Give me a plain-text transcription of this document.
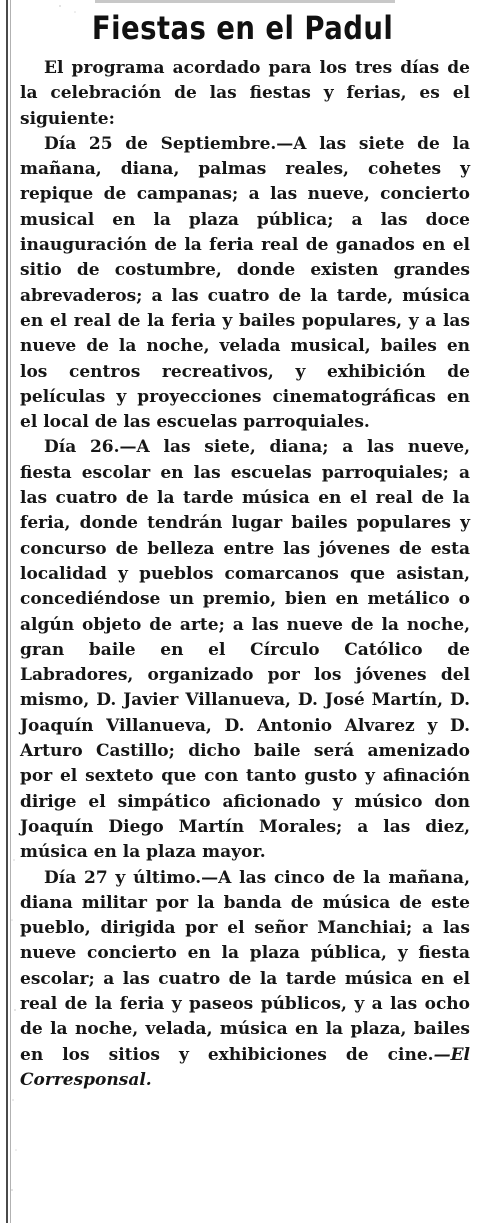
Fiestas en el Padul

El programa acordado para los tres días de la celebración de las fiestas y ferias, es el siguiente:

Día 25 de Septiembre.—A las siete de la mañana, diana, palmas reales, cohetes y repique de campanas; a las nueve, concierto musical en la plaza pública; a las doce inauguración de la feria real de ganados en el sitio de costumbre, donde existen grandes abrevaderos; a las cuatro de la tarde, música en el real de la feria y bailes populares, y a las nueve de la noche, velada musical, bailes en los centros recreativos, y exhibición de películas y proyecciones cinematográficas en el local de las escuelas parroquiales.

Día 26.—A las siete, diana; a las nueve, fiesta escolar en las escuelas parroquiales; a las cuatro de la tarde música en el real de la feria, donde tendrán lugar bailes populares y concurso de belleza entre las jóvenes de esta localidad y pueblos comarcanos que asistan, concediéndose un premio, bien en metálico o algún objeto de arte; a las nueve de la noche, gran baile en el Círculo Católico de Labradores, organizado por los jóvenes del mismo, D. Javier Villanueva, D. José Martín, D. Joaquín Villanueva, D. Antonio Alvarez y D. Arturo Castillo; dicho baile será amenizado por el sexteto que con tanto gusto y afinación dirige el simpático aficionado y músico don Joaquín Diego Martín Morales; a las diez, música en la plaza mayor.

Día 27 y último.—A las cinco de la mañana, diana militar por la banda de música de este pueblo, dirigida por el señor Manchiai; a las nueve concierto en la plaza pública, y fiesta escolar; a las cuatro de la tarde música en el real de la feria y paseos públicos, y a las ocho de la noche, velada, música en la plaza, bailes en los sitios y exhibiciones de cine.—El Corresponsal.
